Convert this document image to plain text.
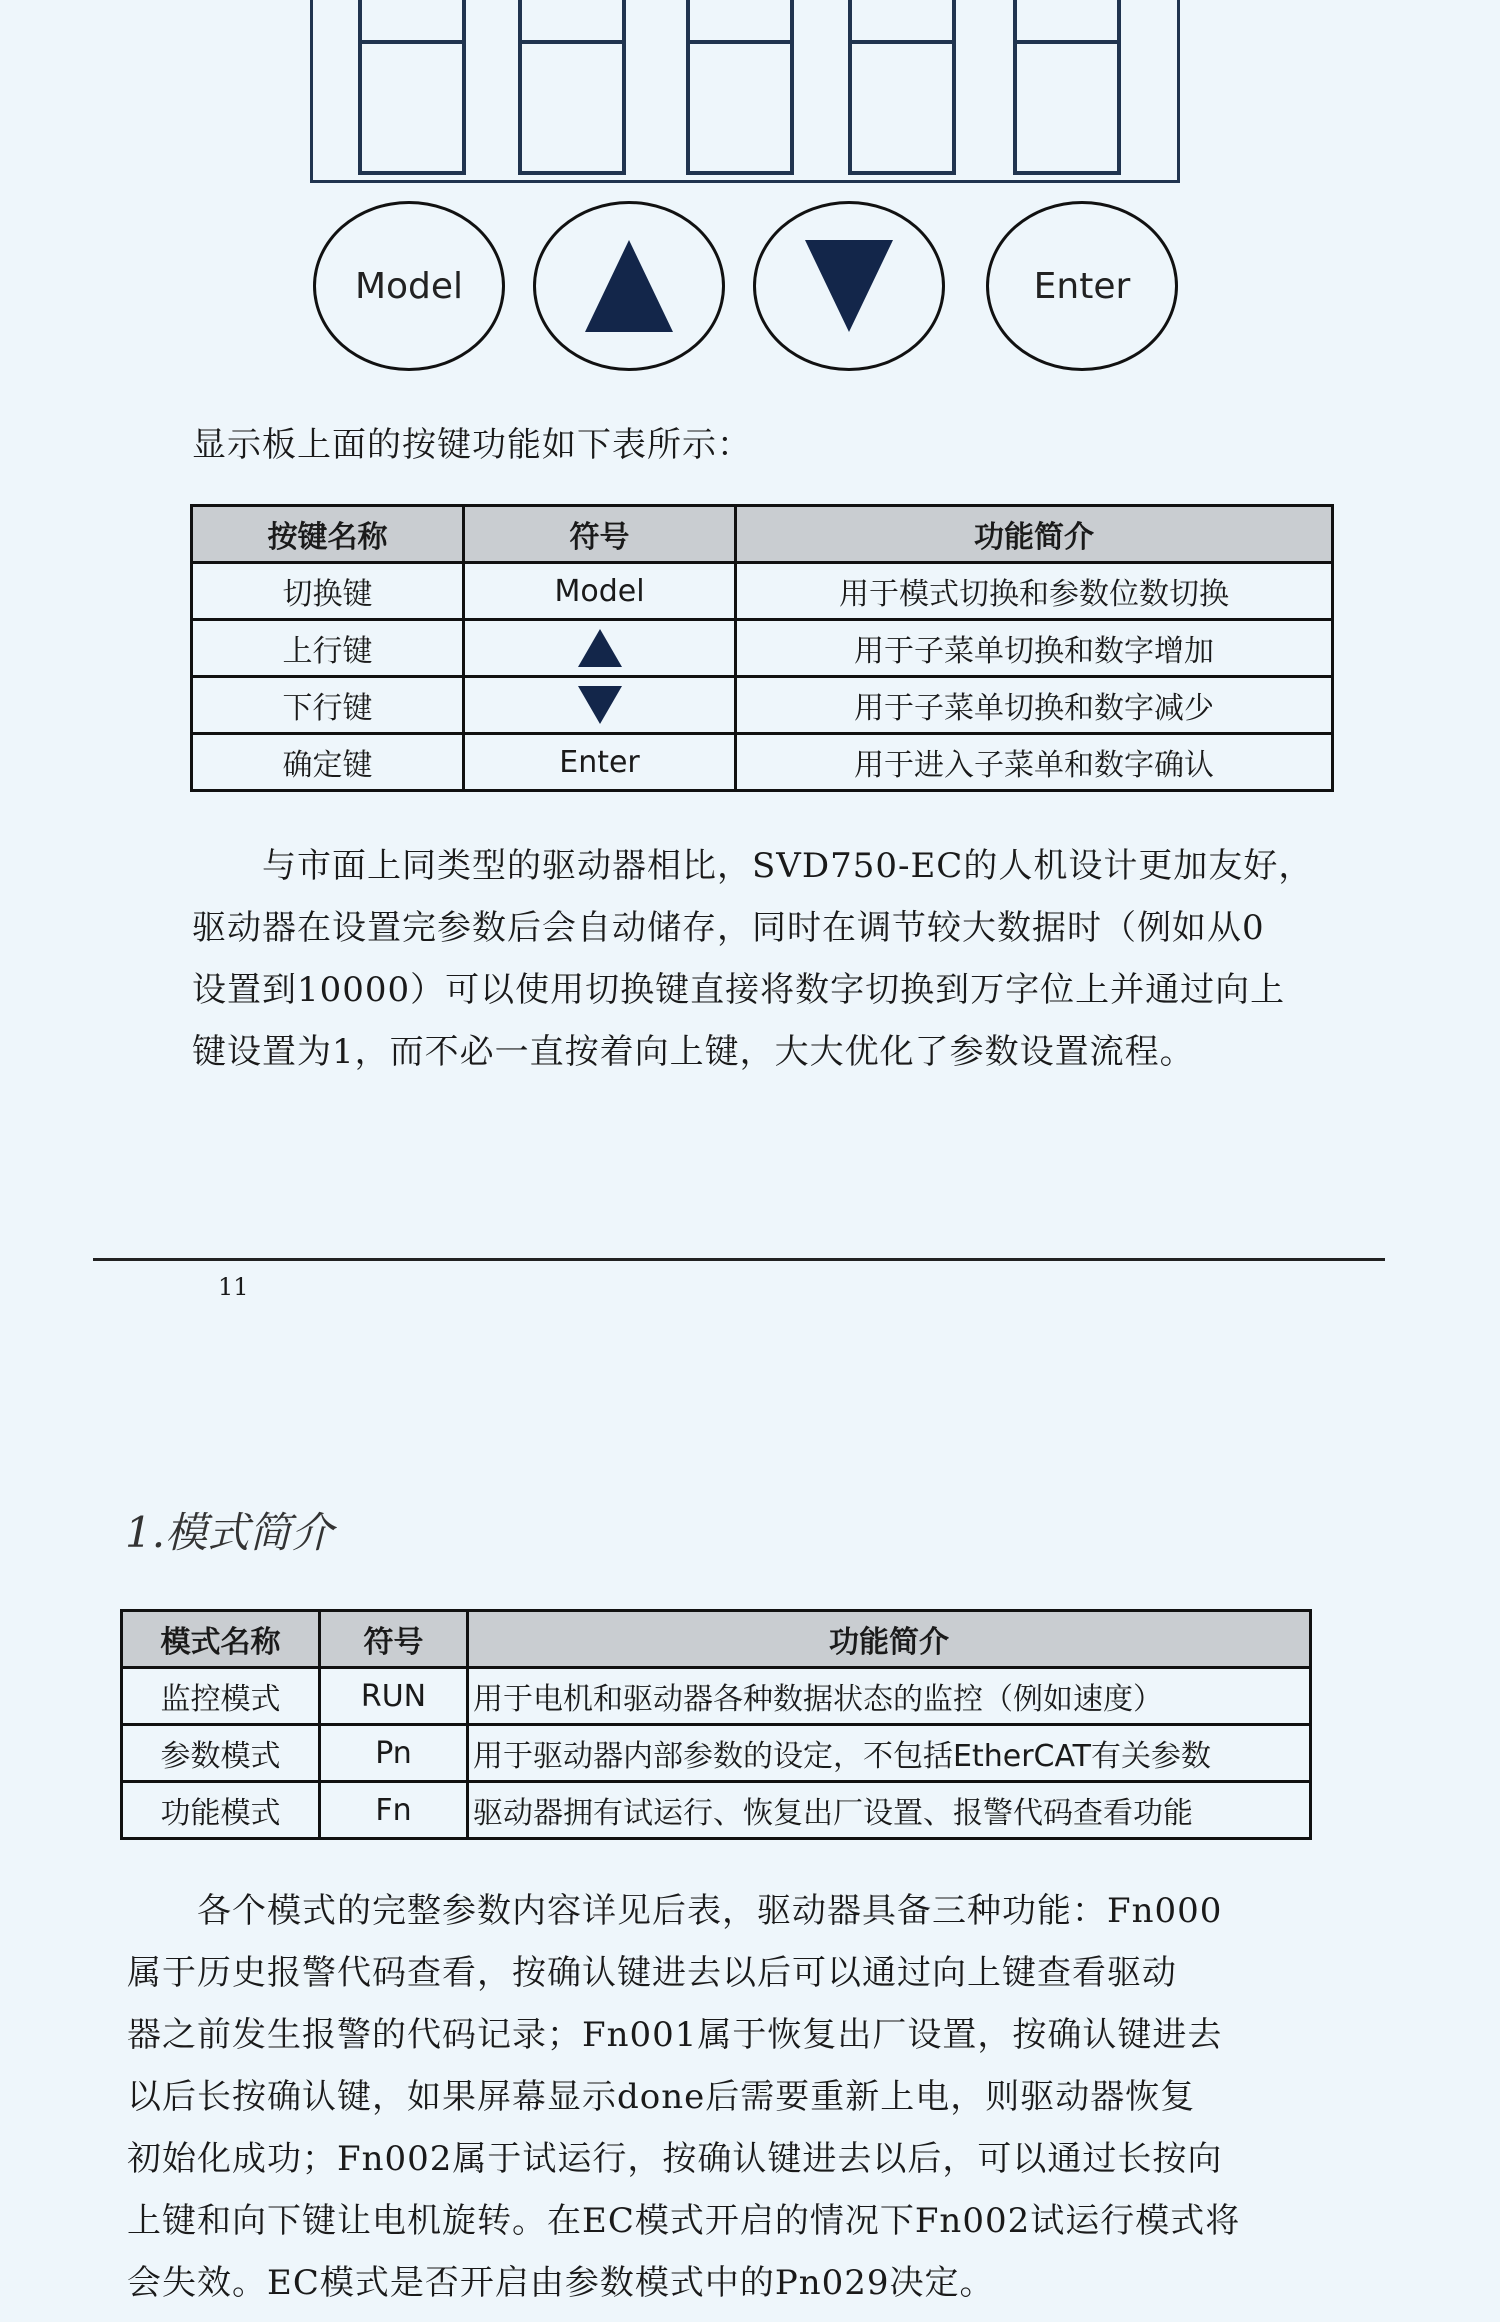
Model	Enter
显示板上面的按键功能如下表所示：
按键名称	符号	功能简介
切换键	Model	用于模式切换和参数位数切换
上行键		用于子菜单切换和数字增加
下行键		用于子菜单切换和数字减少
确定键	Enter	用于进入子菜单和数字确认
与市面上同类型的驱动器相比，SVD750-EC的人机设计更加友好，
驱动器在设置完参数后会自动储存，同时在调节较大数据时（例如从0
设置到10000）可以使用切换键直接将数字切换到万字位上并通过向上
键设置为1，而不必一直按着向上键，大大优化了参数设置流程。
11
1.模式简介
模式名称	符号	功能简介
监控模式	RUN	用于电机和驱动器各种数据状态的监控（例如速度）
参数模式	Pn	用于驱动器内部参数的设定，不包括EtherCAT有关参数
功能模式	Fn	驱动器拥有试运行、恢复出厂设置、报警代码查看功能
各个模式的完整参数内容详见后表，驱动器具备三种功能：Fn000
属于历史报警代码查看，按确认键进去以后可以通过向上键查看驱动
器之前发生报警的代码记录；Fn001属于恢复出厂设置，按确认键进去
以后长按确认键，如果屏幕显示done后需要重新上电，则驱动器恢复
初始化成功；Fn002属于试运行，按确认键进去以后，可以通过长按向
上键和向下键让电机旋转。在EC模式开启的情况下Fn002试运行模式将
会失效。EC模式是否开启由参数模式中的Pn029决定。
